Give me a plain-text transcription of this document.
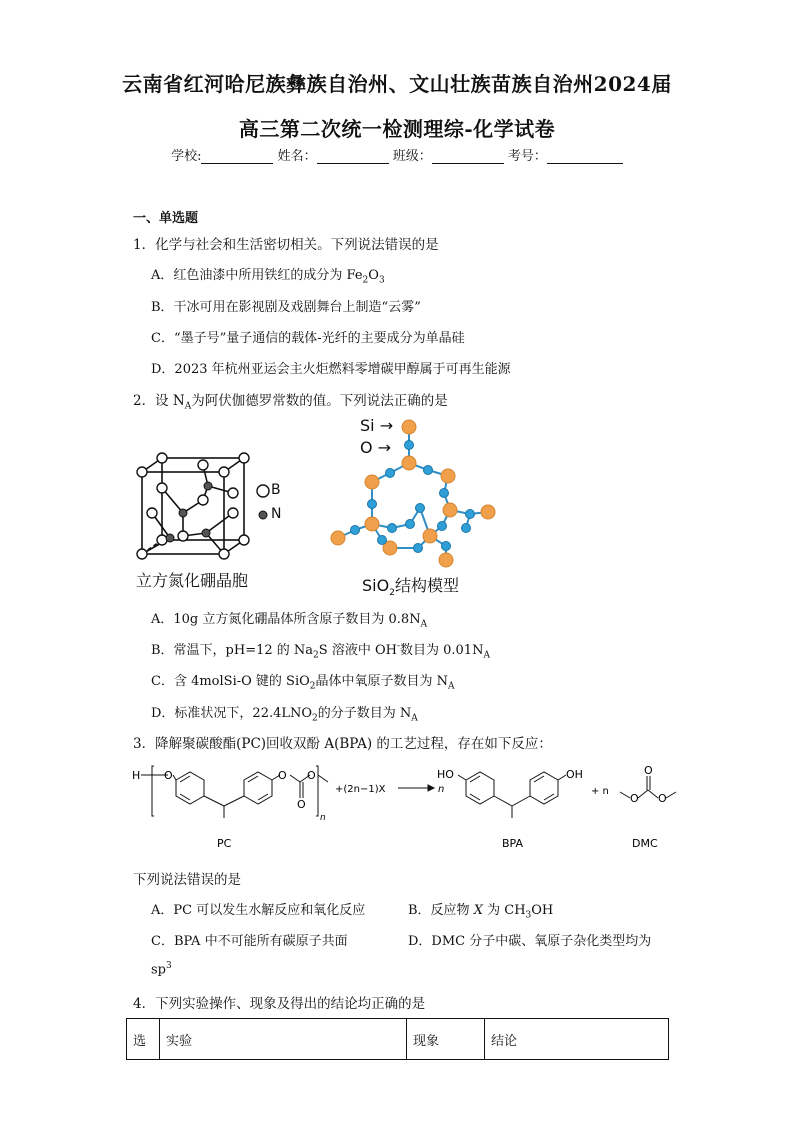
云南省红河哈尼族彝族自治州、文山壮族苗族自治州2024届
高三第二次统一检测理综-化学试卷
学校:	姓名：	班级：	考号：
一、单选题
1．化学与社会和生活密切相关。下列说法错误的是
A．红色油漆中所用铁红的成分为 $Fe_2O_3$
B．干冰可用在影视剧及戏剧舞台上制造“云雾”
C．“墨子号”量子通信的载体-光纤的主要成分为单晶硅
D．2023 年杭州亚运会主火炬燃料零增碳甲醇属于可再生能源
2．设 $N_A$为阿伏伽德罗常数的值。下列说法正确的是
B
N
立方氮化硼晶胞
Si →
O →
SiO$_2$结构模型
A．10g 立方氮化硼晶体所含原子数目为 $0.8N_A$
B．常温下，pH=12 的 $Na_2S$ 溶液中 OH-数目为 $0.01N_A$
C．含 4molSi-O 键的 SiO$_2$晶体中氧原子数目为 $N_A$
D．标准状况下，$22.4LNO_2$的分子数目为 $N_A$
3．降解聚碳酸酯(PC)回收双酚 A(BPA) 的工艺过程，存在如下反应：
H O	O O
O
n
+(2n−1)X	n
HO	OH
+ n
O O
O
PC	BPA	DMC
下列说法错误的是
A．PC 可以发生水解反应和氧化反应	B．反应物 X 为 $CH_3OH$
C．BPA 中不可能所有碳原子共面	D．DMC 分子中碳、氧原子杂化类型均为
$sp^3$
4．下列实验操作、现象及得出的结论均正确的是
选	实验	现象	结论
